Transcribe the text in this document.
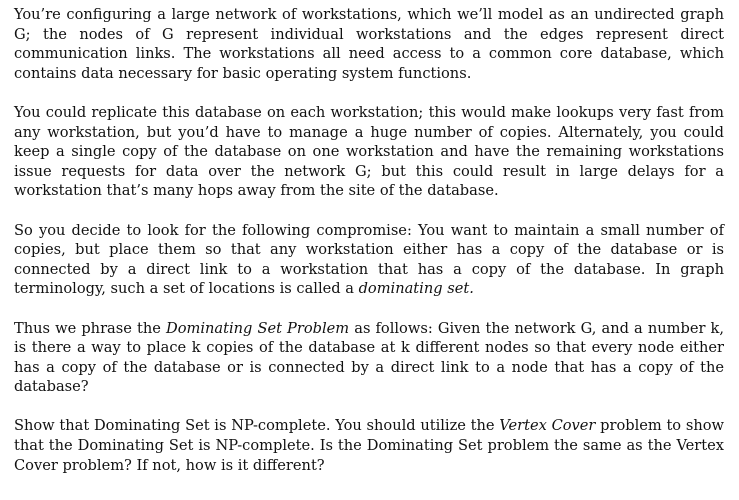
You’re configuring a large network of workstations, which we’ll model as an undirected graph G; the nodes of G represent individual workstations and the edges represent direct communication links. The workstations all need access to a common core database, which contains data necessary for basic operating system functions.

You could replicate this database on each workstation; this would make lookups very fast from any workstation, but you’d have to manage a huge number of copies. Alternately, you could keep a single copy of the database on one workstation and have the remaining workstations issue requests for data over the network G; but this could result in large delays for a workstation that’s many hops away from the site of the database.

So you decide to look for the following compromise: You want to maintain a small number of copies, but place them so that any workstation either has a copy of the database or is connected by a direct link to a workstation that has a copy of the database. In graph terminology, such a set of locations is called a dominating set.

Thus we phrase the Dominating Set Problem as follows: Given the network G, and a number k, is there a way to place k copies of the database at k different nodes so that every node either has a copy of the database or is connected by a direct link to a node that has a copy of the database?

Show that Dominating Set is NP-complete. You should utilize the Vertex Cover problem to show that the Dominating Set is NP-complete. Is the Dominating Set problem the same as the Vertex Cover problem? If not, how is it different?
